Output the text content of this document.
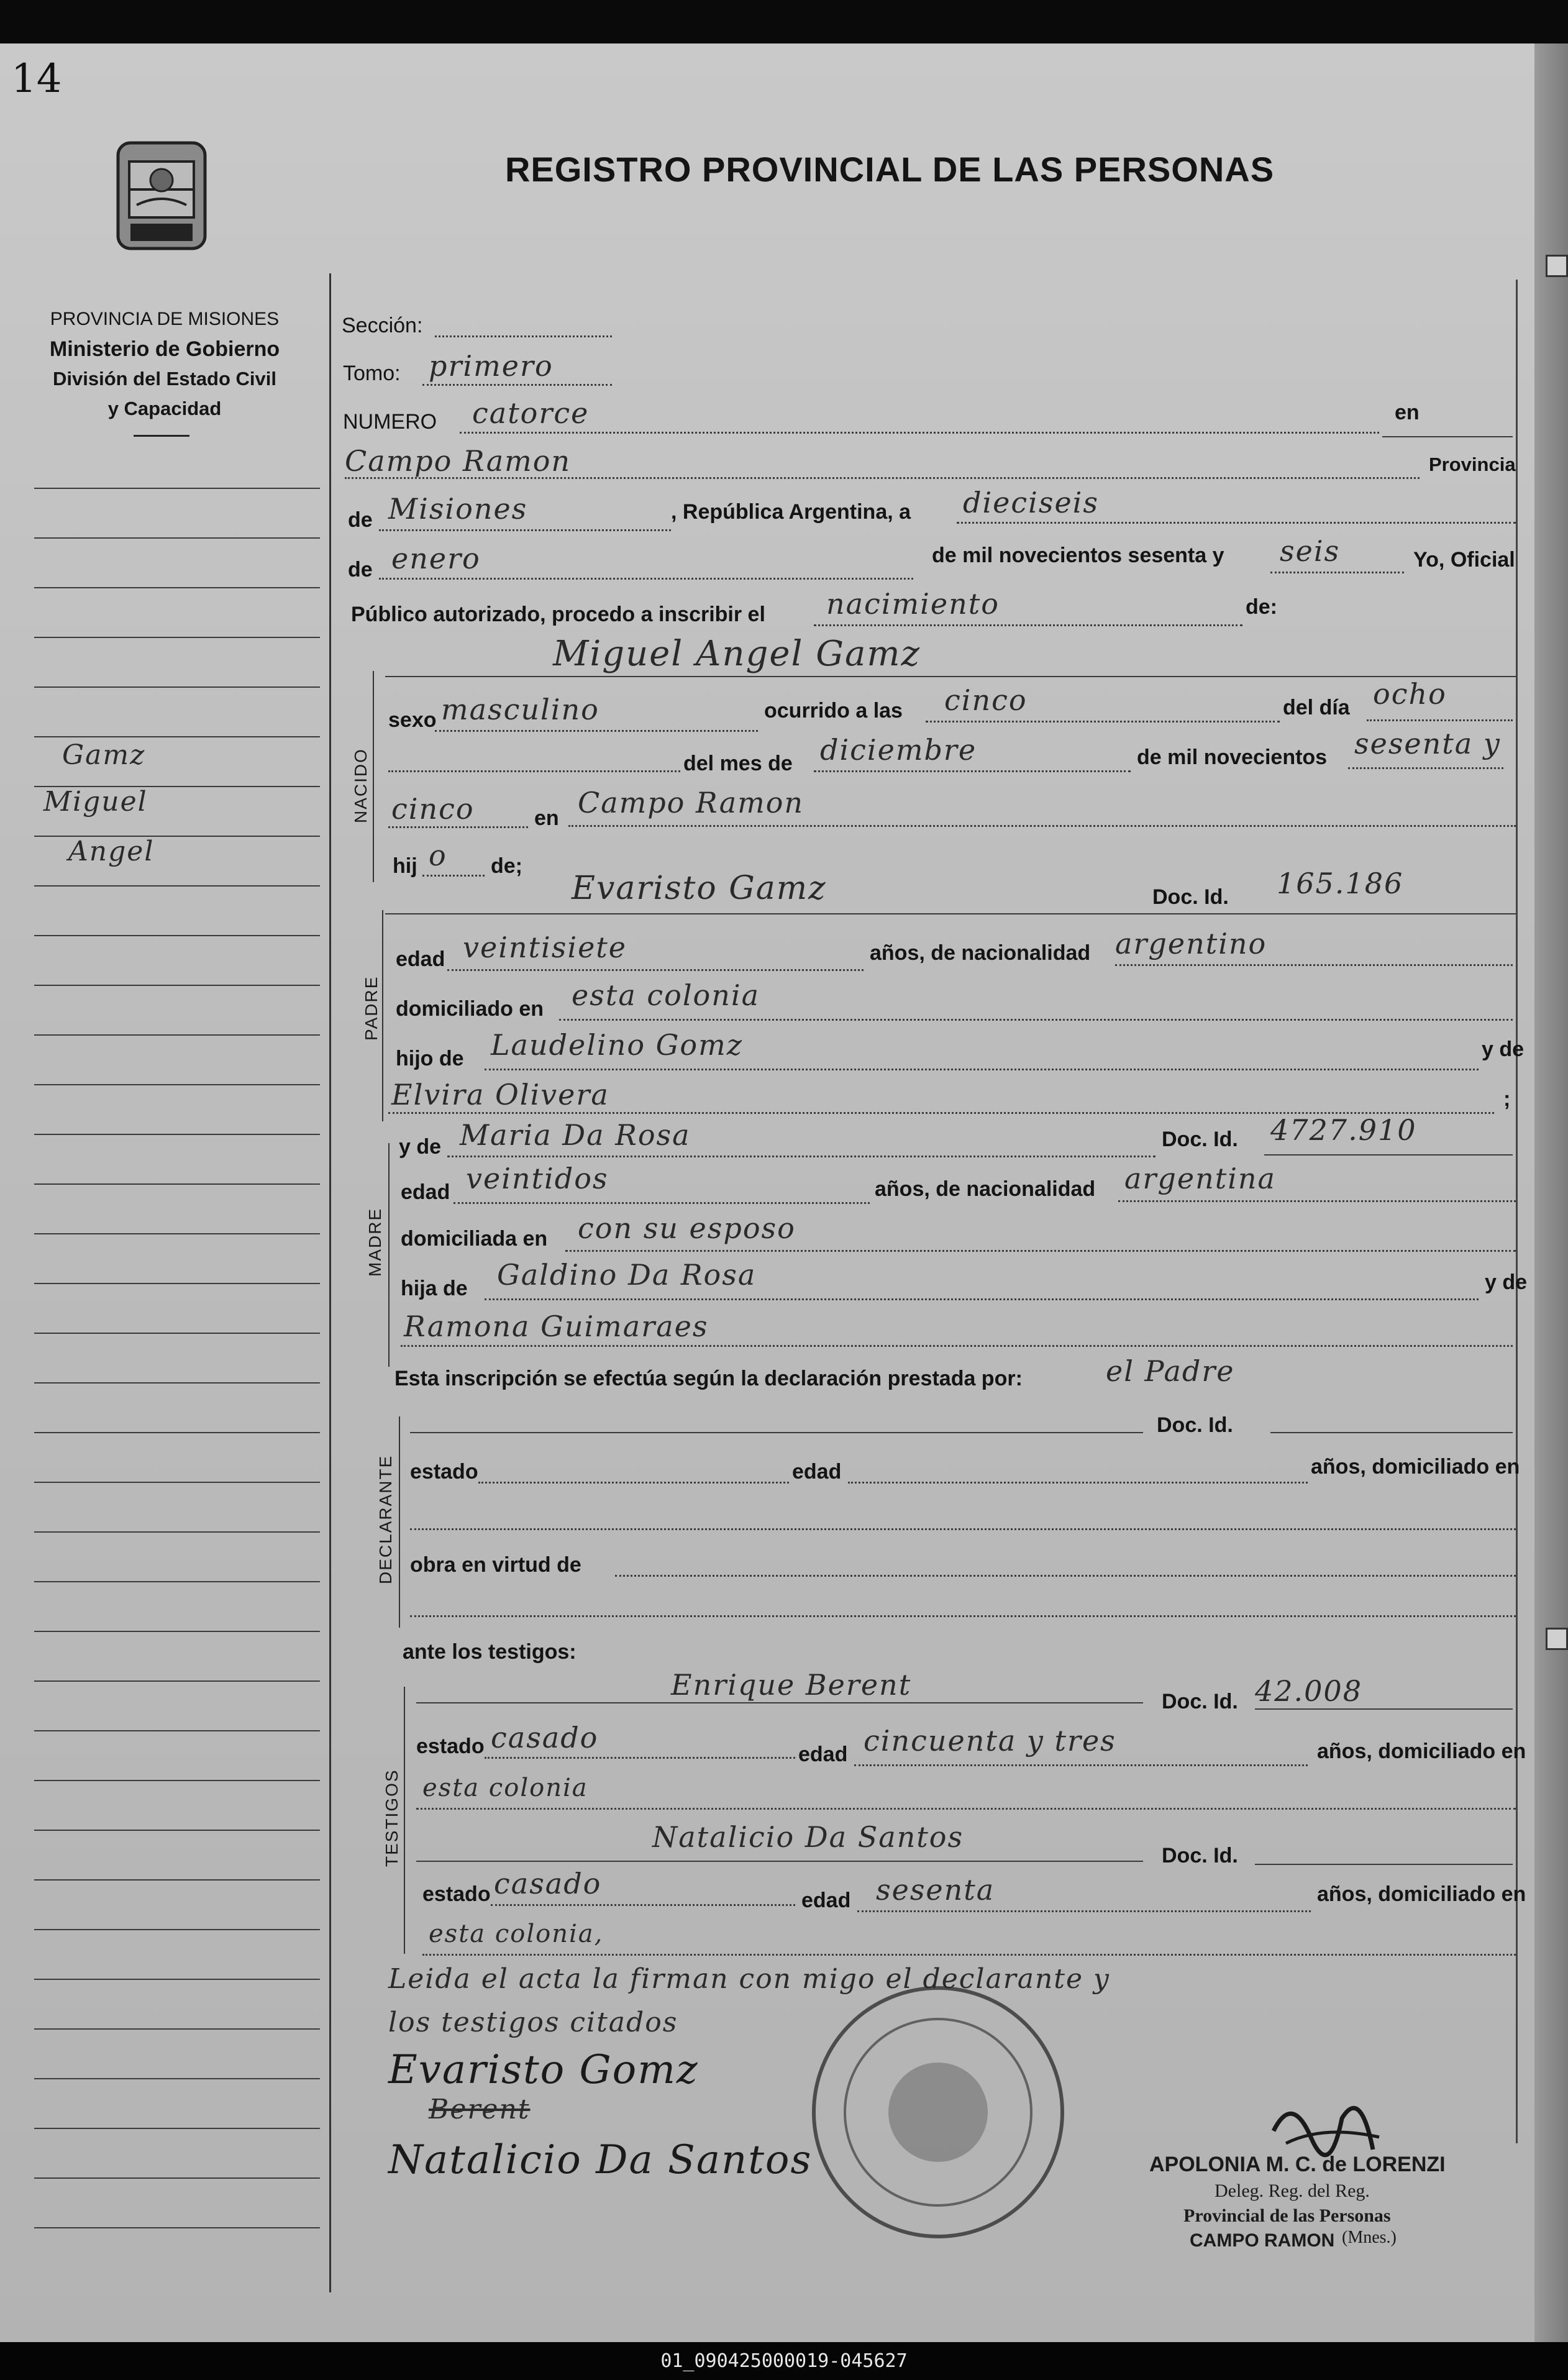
14
REGISTRO PROVINCIAL DE LAS PERSONAS
PROVINCIA DE MISIONES
Ministerio de Gobierno
División del Estado Civil
y Capacidad
Gamz
Miguel
Angel
Sección:
Tomo: primero
NUMERO catorce	en
Campo Ramon	Provincia
de Misiones	, República Argentina, a dieciseis
de enero	de mil novecientos sesenta y seis	Yo, Oficial
Público autorizado, procedo a inscribir el nacimiento	de:
NACIDO
Miguel Angel Gamz
sexo masculino	ocurrido a las cinco	del día ocho
del mes de diciembre	de mil novecientos sesenta y
cinco	en Campo Ramon
hij o de;
PADRE
Evaristo Gamz	Doc. Id. 165.186
edad veintisiete	años, de nacionalidad argentino
domiciliado en esta colonia
hijo de Laudelino Gomz	y de
Elvira Olivera	;
y de Maria Da Rosa	Doc. Id. 4727.910
MADRE
edad veintidos	años, de nacionalidad argentina
domiciliada en con su esposo
hija de Galdino Da Rosa	y de
Ramona Guimaraes
Esta inscripción se efectúa según la declaración prestada por:	el Padre
DECLARANTE
Doc. Id.
estado	edad	años, domiciliado en
obra en virtud de
ante los testigos:
TESTIGOS
Enrique Berent	Doc. Id. 42.008
estado casado	edad cincuenta y tres	años, domiciliado en
esta colonia
Natalicio Da Santos
Doc. Id.
estado casado	edad sesenta	años, domiciliado en
esta colonia,
Leida el acta la firman con migo el declarante y
los testigos citados
Evaristo Gomz
Berent
Natalicio Da Santos	APOLONIA M. C. de LORENZI
Deleg. Reg. del Reg.
Provincial de las Personas
CAMPO RAMON (Mnes.)
01_090425000019-045627
